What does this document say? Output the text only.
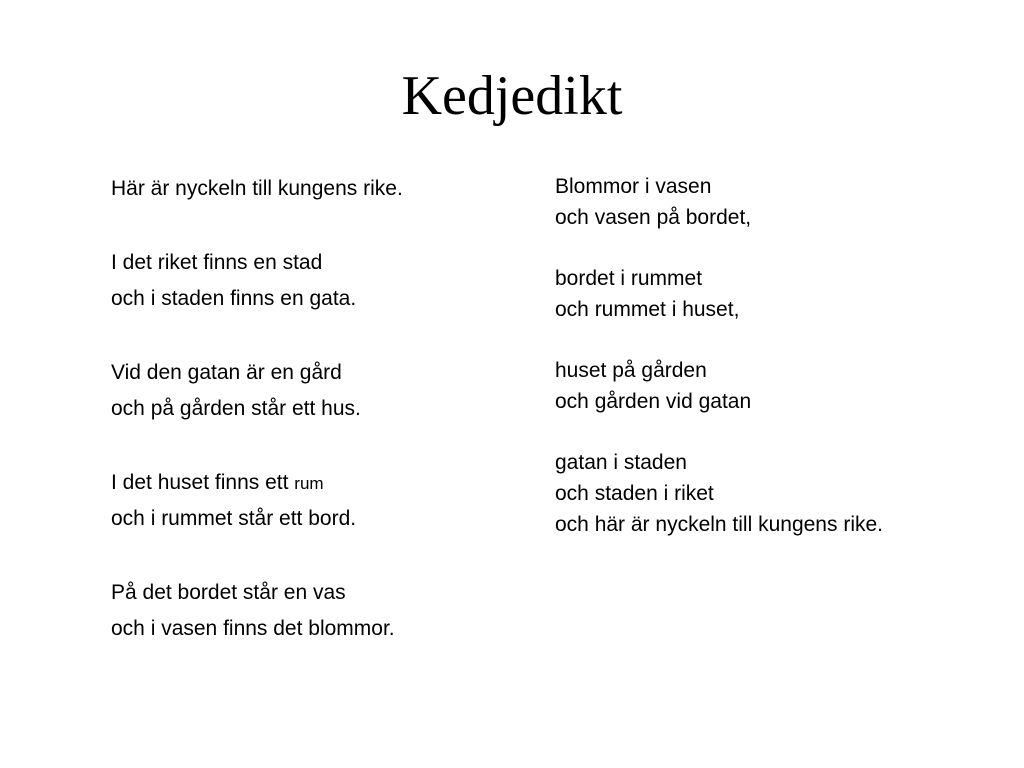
Kedjedikt
Här är nyckeln till kungens rike.
I det riket finns en stad
och i staden finns en gata.
Vid den gatan är en gård
och på gården står ett hus.
I det huset finns ett rum
och i rummet står ett bord.
På det bordet står en vas
och i vasen finns det blommor.
Blommor i vasen
och vasen på bordet,
bordet i rummet
och rummet i huset,
huset på gården
och gården vid gatan
gatan i staden
och staden i riket
och här är nyckeln till kungens rike.
